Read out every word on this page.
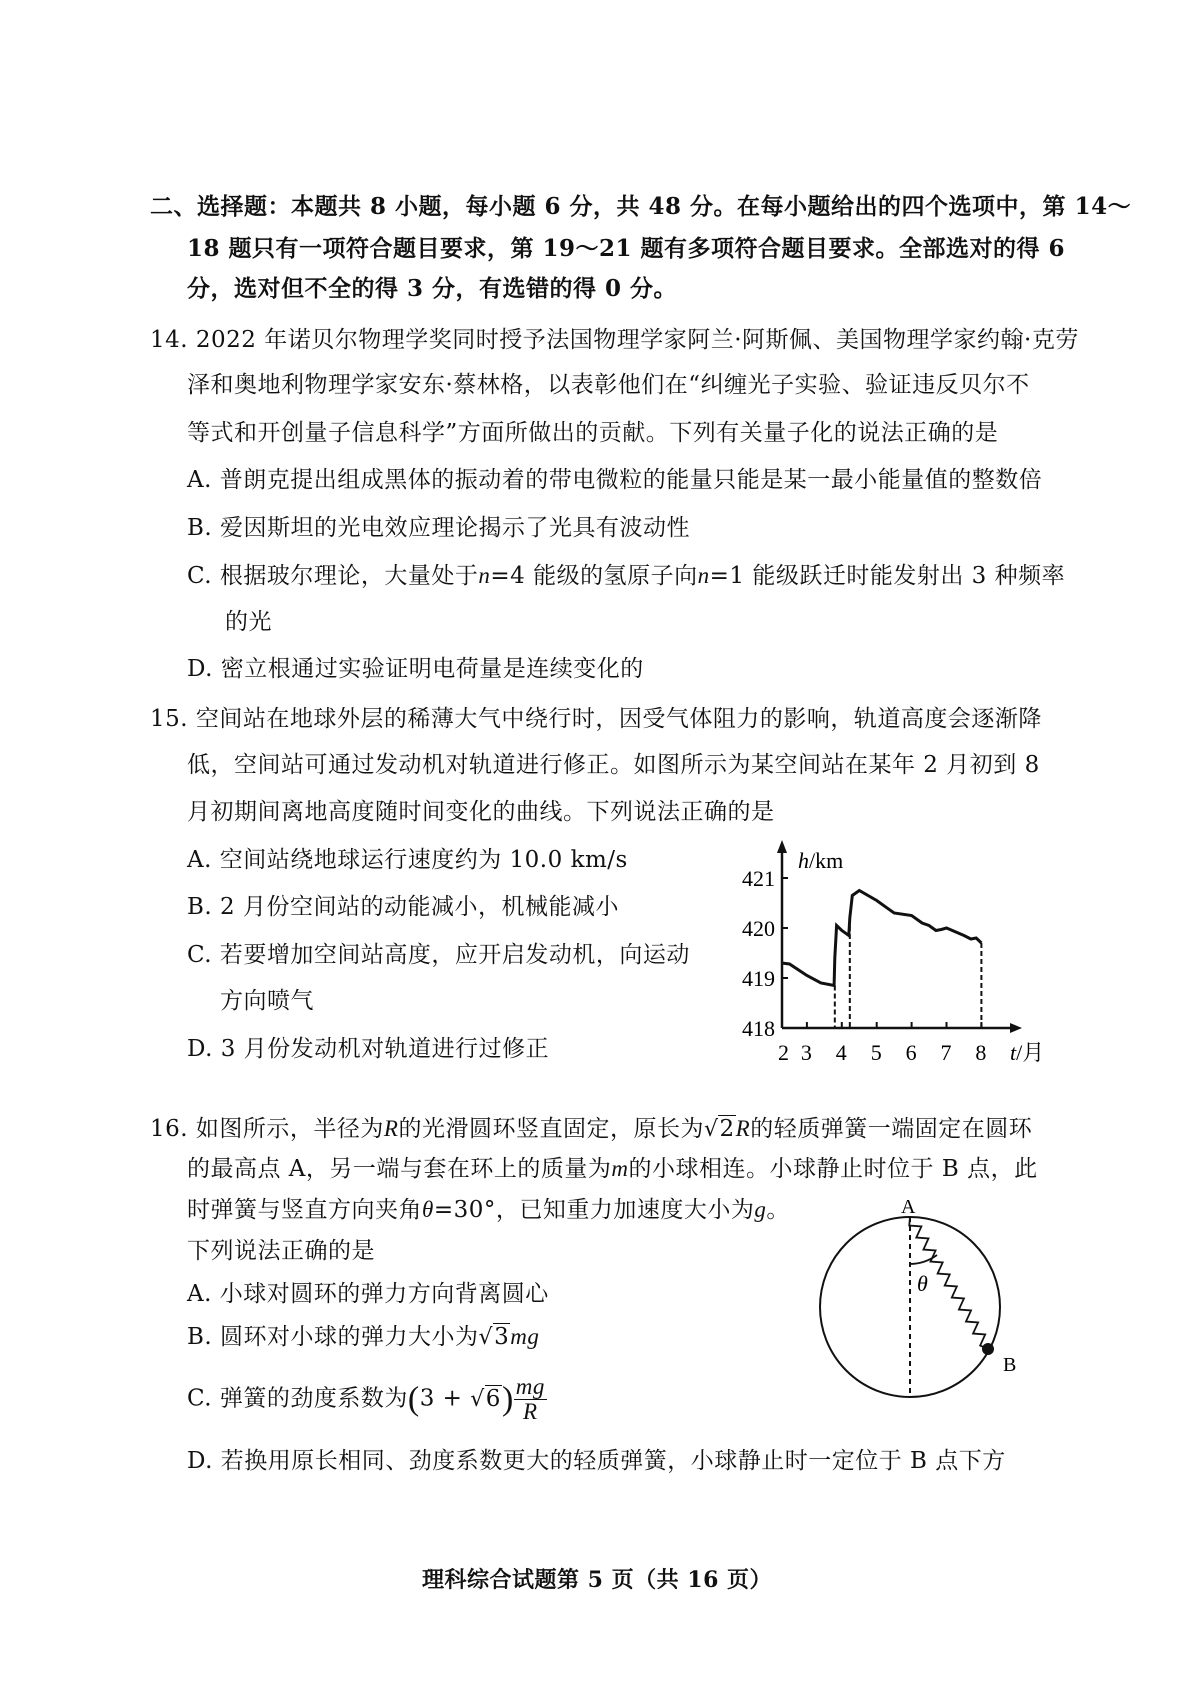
二、选择题：本题共 8 小题，每小题 6 分，共 48 分。在每小题给出的四个选项中，第 14～
18 题只有一项符合题目要求，第 19～21 题有多项符合题目要求。全部选对的得 6
分，选对但不全的得 3 分，有选错的得 0 分。
14. 2022 年诺贝尔物理学奖同时授予法国物理学家阿兰·阿斯佩、美国物理学家约翰·克劳
泽和奥地利物理学家安东·蔡林格，以表彰他们在“纠缠光子实验、验证违反贝尔不
等式和开创量子信息科学”方面所做出的贡献。下列有关量子化的说法正确的是
A. 普朗克提出组成黑体的振动着的带电微粒的能量只能是某一最小能量值的整数倍
B. 爱因斯坦的光电效应理论揭示了光具有波动性
C. 根据玻尔理论，大量处于n=4 能级的氢原子向n=1 能级跃迁时能发射出 3 种频率
的光
D. 密立根通过实验证明电荷量是连续变化的
15. 空间站在地球外层的稀薄大气中绕行时，因受气体阻力的影响，轨道高度会逐渐降
低，空间站可通过发动机对轨道进行修正。如图所示为某空间站在某年 2 月初到 8
月初期间离地高度随时间变化的曲线。下列说法正确的是
A. 空间站绕地球运行速度约为 10.0 km/s
B. 2 月份空间站的动能减小，机械能减小
C. 若要增加空间站高度，应开启发动机，向运动
方向喷气
D. 3 月份发动机对轨道进行过修正
h/km
t/月
421
420
419
418
2 3 4 5 6 7 8
A
B
θ
16. 如图所示，半径为R的光滑圆环竖直固定，原长为√2R的轻质弹簧一端固定在圆环
的最高点 A，另一端与套在环上的质量为m的小球相连。小球静止时位于 B 点，此
时弹簧与竖直方向夹角θ=30°，已知重力加速度大小为g。
下列说法正确的是
A. 小球对圆环的弹力方向背离圆心
B. 圆环对小球的弹力大小为√3mg
C. 弹簧的劲度系数为$(3 + √6) \frac{mg}{R}$
D. 若换用原长相同、劲度系数更大的轻质弹簧，小球静止时一定位于 B 点下方
理科综合试题第 5 页（共 16 页）
